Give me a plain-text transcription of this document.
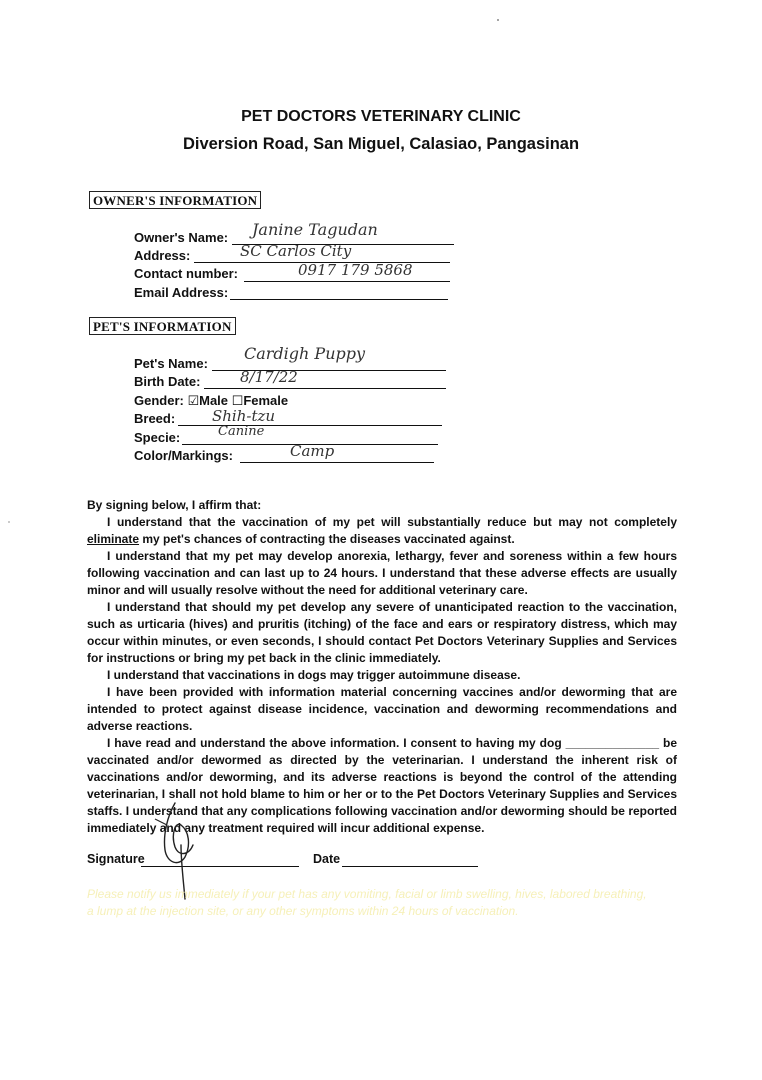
PET DOCTORS VETERINARY CLINIC
Diversion Road, San Miguel, Calasiao, Pangasinan
OWNER'S INFORMATION
Owner's Name: Janine Tagudan
Address:	SC Carlos City
Contact number:	0917 179 5868
Email Address:
PET'S INFORMATION
Pet's Name:
Cardigh Puppy
Birth Date:	8/17/22
Gender: ☑Male ☐Female
Breed: Shih-tzu
Specie:	Canine
Color/Markings:	Camp

By signing below, I affirm that:

I understand that the vaccination of my pet will substantially reduce but may not completely eliminate my pet's chances of contracting the diseases vaccinated against.

I understand that my pet may develop anorexia, lethargy, fever and soreness within a few hours following vaccination and can last up to 24 hours. I understand that these adverse effects are usually minor and will usually resolve without the need for additional veterinary care.

I understand that should my pet develop any severe of unanticipated reaction to the vaccination, such as urticaria (hives) and pruritis (itching) of the face and ears or respiratory distress, which may occur within minutes, or even seconds, I should contact Pet Doctors Veterinary Supplies and Services for instructions or bring my pet back in the clinic immediately.

I understand that vaccinations in dogs may trigger autoimmune disease.

I have been provided with information material concerning vaccines and/or deworming that are intended to protect against disease incidence, vaccination and deworming recommendations and adverse reactions.

I have read and understand the above information. I consent to having my dog ______________ be vaccinated and/or dewormed as directed by the veterinarian. I understand the inherent risk of vaccinations and/or deworming, and its adverse reactions is beyond the control of the attending veterinarian, I shall not hold blame to him or her or to the Pet Doctors Veterinary Supplies and Services staffs. I understand that any complications following vaccination and/or deworming should be reported immediately and any treatment required will incur additional expense.

Signature	Date
Please notify us immediately if your pet has any vomiting, facial or limb swelling, hives, labored breathing, a lump at the injection site, or any other symptoms within 24 hours of vaccination.
